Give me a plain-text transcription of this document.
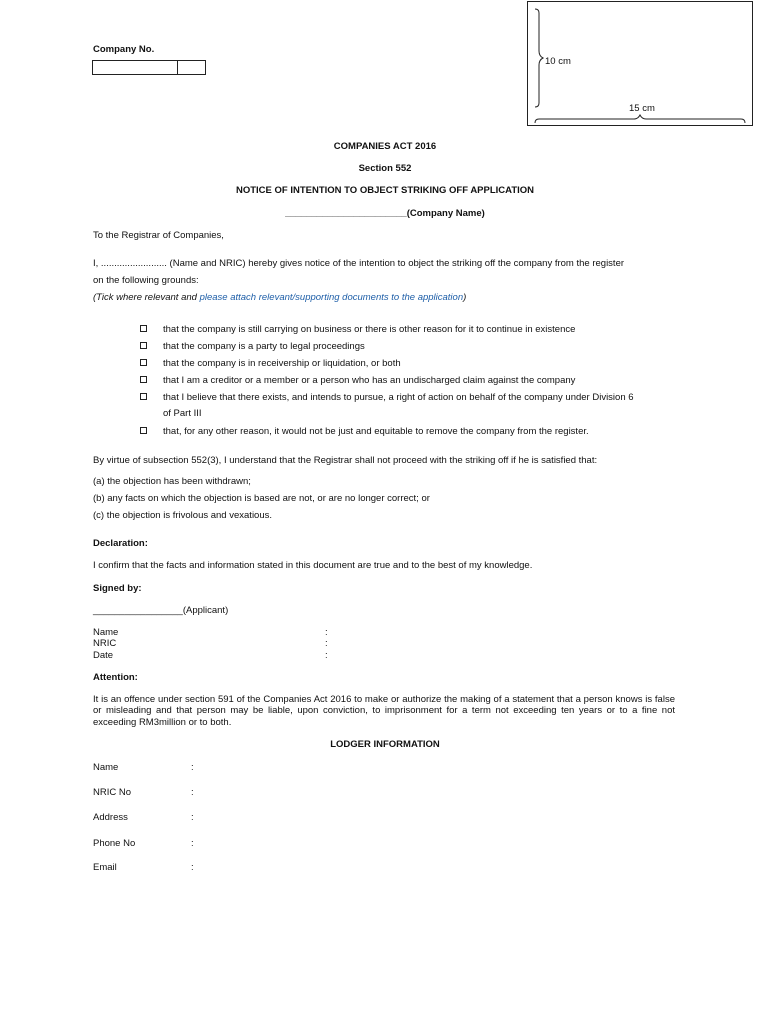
10 cm
15 cm
Company No.
COMPANIES ACT 2016
Section 552
NOTICE OF INTENTION TO OBJECT STRIKING OFF APPLICATION
_______________________(Company Name)
To the Registrar of Companies,
I, ......................... (Name and NRIC) hereby gives notice of the intention to object the striking off the company from the register
on the following grounds:
(Tick where relevant and please attach relevant/supporting documents to the application)
that the company is still carrying on business or there is other reason for it to continue in existence
that the company is a party to legal proceedings
that the company is in receivership or liquidation, or both
that I am a creditor or a member or a person who has an undischarged claim against the company
that I believe that there exists, and intends to pursue, a right of action on behalf of the company under Division 6
of Part III
that, for any other reason, it would not be just and equitable to remove the company from the register.
By virtue of subsection 552(3), I understand that the Registrar shall not proceed with the striking off if he is satisfied that:
(a) the objection has been withdrawn;
(b) any facts on which the objection is based are not, or are no longer correct; or
(c) the objection is frivolous and vexatious.
Declaration:
I confirm that the facts and information stated in this document are true and to the best of my knowledge.
Signed by:
_________________(Applicant)
Name	:
NRIC	:
Date	:
Attention:
It is an offence under section 591 of the Companies Act 2016 to make or authorize the making of a statement that a person knows is false or misleading and that person may be liable, upon conviction, to imprisonment for a term not exceeding ten years or to a fine not exceeding RM3million or to both.
LODGER INFORMATION
Name	:
NRIC No	:
Address	:
Phone No	:
Email	:
